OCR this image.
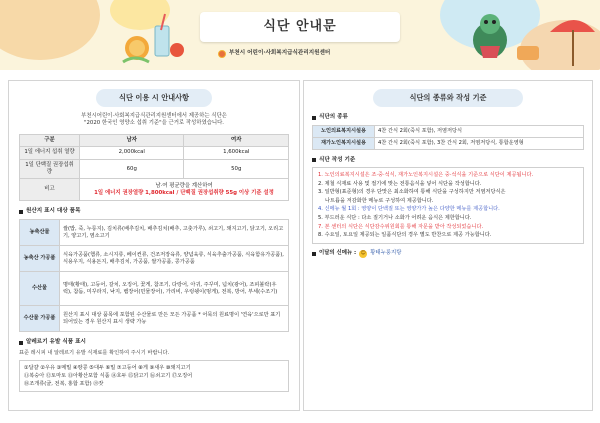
식단 안내문
부천시 어린이·사회복지급식관리지원센터
식단 이용 시 안내사항
부천시어린이·사회복지급식관리지원센터에서 제공하는 식단은
"2020 한국인 영양소 섭취 기준"을 근거로 작성하였습니다.
구분	남자	여자
1일 에너지 섭취 열량	2,000kcal	1,600kcal
1일 단백질 권장섭취량	60g	50g
비고	남·여 평균량을 계산하여
1일 에너지 권장열량 1,800kcal / 단백질 권장섭취량 55g 이상 기준 설정	
원산지 표시 대상 품목
농축산물	쌀(밥, 죽, 누룽지), 김치류(배추김치, 배추김치(배추, 고춧가루), 쇠고기, 돼지고기, 닭고기, 오리고기, 양고기, 염소고기
농축산 가공품	식육가공품(햄류, 소시지류, 베이컨류, 건조저장육류, 양념육류, 식육추출가공품, 식육함유가공품), 식용우지, 식용돈지, 배추김치, 가공품, 쌀가공품, 콩가공품
수산물	명태(황태), 고등어, 갈치, 오징어, 꽃게, 참조기, 다랑어, 아귀, 주꾸미, 넙치(광어), 조피볼락(우럭), 참돔, 미꾸라지, 낙지, 뱀장어(민물장어), 가리비, 우렁쉥이(멍게), 전복, 방어, 부세(수조기)
수산물 가공품	원산지 표시 대상 품목에 포함된 수산물로 만든 모든 가공품 * 어묵의 원료명이 '연육'으로만 표기되어있는 경우 원산지 표시 생략 가능
알레르기 유발 식품 표시
표준 레시피 내 알레르기 유발 식재료를 확인하여 주시기 바랍니다.
①달걀 ②우유 ③메밀 ④땅콩 ⑤대두 ⑥밀 ⑦고등어 ⑧게 ⑨새우 ⑩돼지고기
⑪복숭아 ⑫토마토 ⑬아황산포함 식품 ⑭호두 ⑮닭고기 ⑯쇠고기 ⑰오징어
⑱조개류(굴, 전복, 홍합 포함) ⑲잣
식단의 종류와 작성 기준
식단의 종류
노인의료복지시설용	4찬 간식 2회(죽식 포함), 저염저당식
재가노인복지시설용	4찬 간식 2회(죽식 포함), 3찬 간식 2회, 저염저당식, 통합운영형
식단 작성 기준
1. 노인의료복지시설은 조·중·석식, 재가노인복지시설은 중·석식을 기준으로 식단이 제공됩니다.
2. 제철 식재료 사용 및 절기에 맞는 전통음식을 넣어 식단을 작성합니다.
3. 일반형(표준형)의 경우 단맛은 최소화하여 통해 식단을 구성하지만 저염저당식은
나트륨을 저감화한 메뉴로 구성하여 제공합니다.
4. 신메뉴 월 1회 : 영양이 단백질 또는 영양가가 높은 다양한 메뉴를 제공합니다.
5. 부드러운 식단 : 다소 질기거나 소화가 어려운 음식은 제한합니다.
7. 본 센터의 식단은 식단감수위원회를 통해 자문을 받아 작성되었습니다.
8. 수요일, 토요일 제공되는 일품식단의 경우 별도 반찬으로 제공 가능합니다.
이달의 신메뉴 : ☺ 황태누룽지탕
